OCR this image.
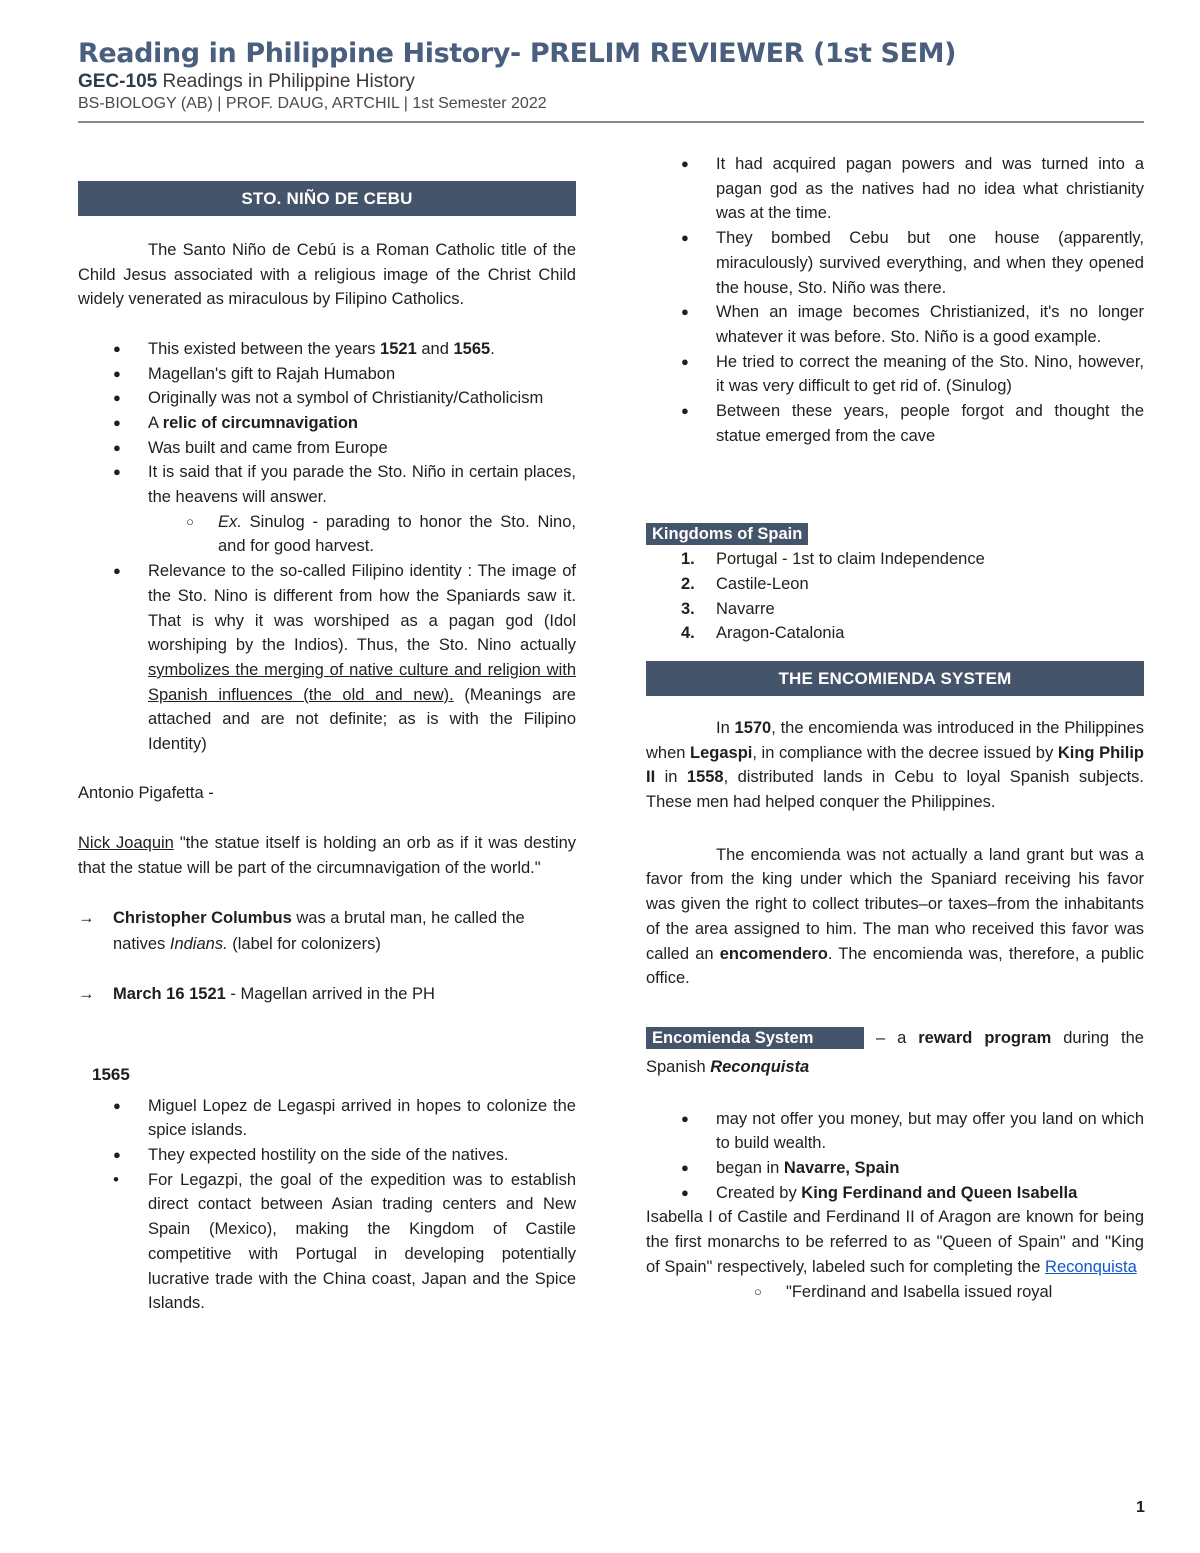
Reading in Philippine History- PRELIM REVIEWER (1st SEM)
GEC-105 Readings in Philippine History
BS-BIOLOGY (AB) | PROF. DAUG, ARTCHIL | 1st Semester 2022
STO. NIÑO DE CEBU

The Santo Niño de Cebú is a Roman Catholic title of the Child Jesus associated with a religious image of the Christ Child widely venerated as miraculous by Filipino Catholics.

● This existed between the years 1521 and 1565.
● Magellan's gift to Rajah Humabon
● Originally was not a symbol of Christianity/Catholicism
● A relic of circumnavigation
● Was built and came from Europe
● It is said that if you parade the Sto. Niño in certain places, the heavens will answer.
○ Ex. Sinulog - parading to honor the Sto. Nino, and for good harvest.
● Relevance to the so-called Filipino identity : The image of the Sto. Nino is different from how the Spaniards saw it. That is why it was worshiped as a pagan god (Idol worshiping by the Indios). Thus, the Sto. Nino actually symbolizes the merging of native culture and religion with Spanish influences (the old and new). (Meanings are attached and are not definite; as is with the Filipino Identity)

Antonio Pigafetta -

Nick Joaquin "the statue itself is holding an orb as if it was destiny that the statue will be part of the circumnavigation of the world."

→ Christopher Columbus was a brutal man, he called the natives Indians. (label for colonizers)
→ March 16 1521 - Magellan arrived in the PH
1565
● Miguel Lopez de Legaspi arrived in hopes to colonize the spice islands.
● They expected hostility on the side of the natives.
• For Legazpi, the goal of the expedition was to establish direct contact between Asian trading centers and New Spain (Mexico), making the Kingdom of Castile competitive with Portugal in developing potentially lucrative trade with the China coast, Japan and the Spice Islands.
● It had acquired pagan powers and was turned into a pagan god as the natives had no idea what christianity was at the time.
● They bombed Cebu but one house (apparently, miraculously) survived everything, and when they opened the house, Sto. Niño was there.
● When an image becomes Christianized, it's no longer whatever it was before. Sto. Niño is a good example.
● He tried to correct the meaning of the Sto. Nino, however, it was very difficult to get rid of. (Sinulog)
● Between these years, people forgot and thought the statue emerged from the cave
Kingdoms of Spain
1. Portugal - 1st to claim Independence
2. Castile-Leon
3. Navarre
4. Aragon-Catalonia
THE ENCOMIENDA SYSTEM

In 1570, the encomienda was introduced in the Philippines when Legaspi, in compliance with the decree issued by King Philip II in 1558, distributed lands in Cebu to loyal Spanish subjects. These men had helped conquer the Philippines.

The encomienda was not actually a land grant but was a favor from the king under which the Spaniard receiving his favor was given the right to collect tributes–or taxes–from the inhabitants of the area assigned to him. The man who received this favor was called an encomendero. The encomienda was, therefore, a public office.

Encomienda System	– a reward program during the Spanish Reconquista

● may not offer you money, but may offer you land on which to build wealth.
● began in Navarre, Spain

● Created by King Ferdinand and Queen Isabella

Isabella I of Castile and Ferdinand II of Aragon are known for being the first monarchs to be referred to as "Queen of Spain" and "King of Spain" respectively, labeled such for completing the Reconquista

○ "Ferdinand and Isabella issued royal
1
